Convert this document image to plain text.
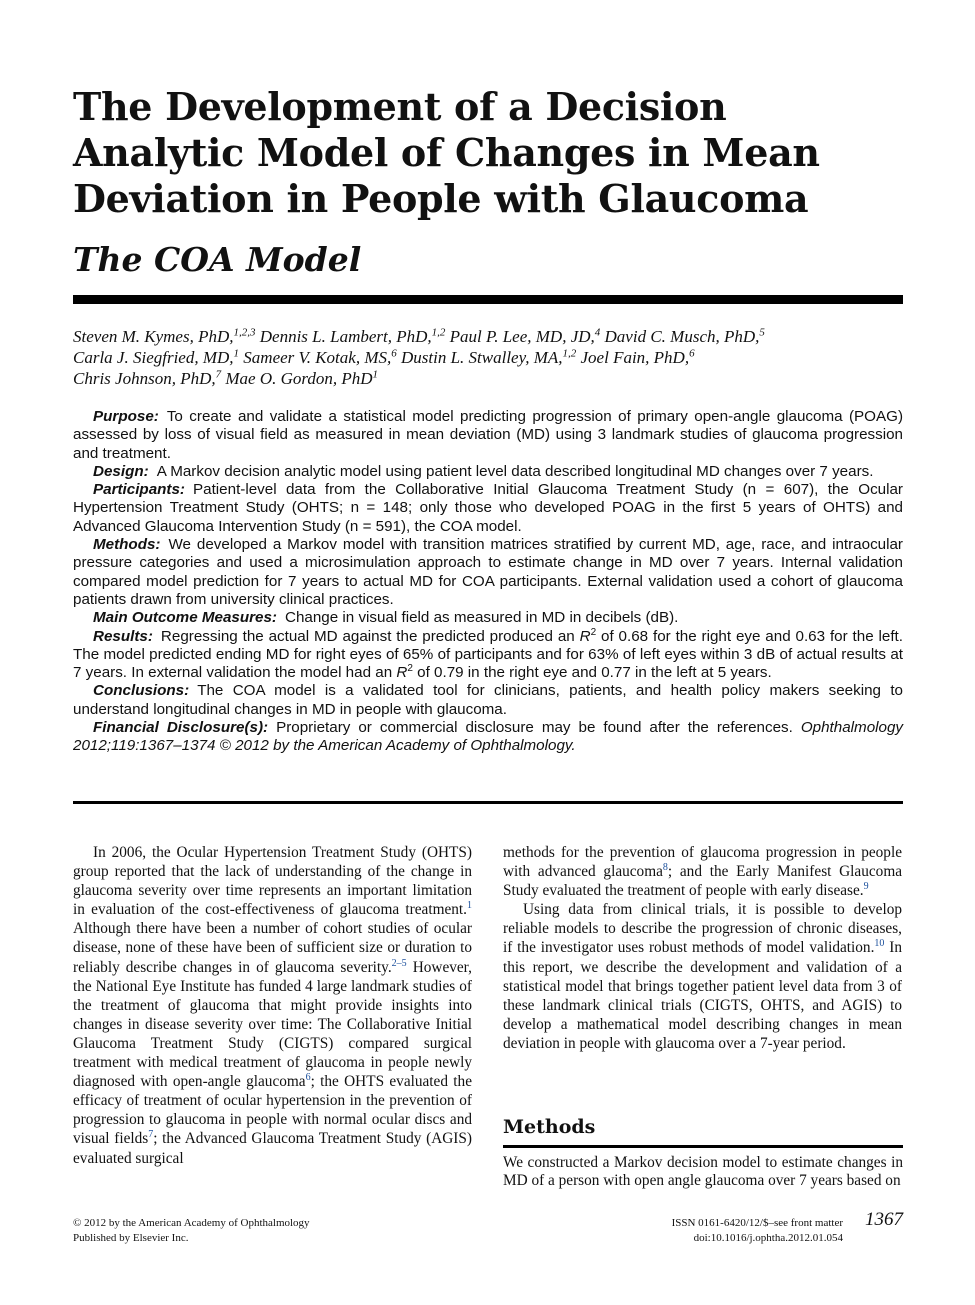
The Development of a Decision Analytic Model of Changes in Mean Deviation in People with Glaucoma
The COA Model
Steven M. Kymes, PhD,$^{1,2,3}$ Dennis L. Lambert, PhD,$^{1,2}$ Paul P. Lee, MD, JD,$^4$ David C. Musch, PhD,$^5$
Carla J. Siegfried, MD,$^1$ Sameer V. Kotak, MS,$^6$ Dustin L. Stwalley, MA,$^{1,2}$ Joel Fain, PhD,$^6$
Chris Johnson, PhD,$^7$ Mae O. Gordon, PhD$^1$

Purpose: To create and validate a statistical model predicting progression of primary open-angle glaucoma (POAG) assessed by loss of visual field as measured in mean deviation (MD) using 3 landmark studies of glaucoma progression and treatment.

Design: A Markov decision analytic model using patient level data described longitudinal MD changes over 7 years.

Participants: Patient-level data from the Collaborative Initial Glaucoma Treatment Study (n = 607), the Ocular Hypertension Treatment Study (OHTS; n = 148; only those who developed POAG in the first 5 years of OHTS) and Advanced Glaucoma Intervention Study (n = 591), the COA model.

Methods: We developed a Markov model with transition matrices stratified by current MD, age, race, and intraocular pressure categories and used a microsimulation approach to estimate change in MD over 7 years. Internal validation compared model prediction for 7 years to actual MD for COA participants. External validation used a cohort of glaucoma patients drawn from university clinical practices.

Main Outcome Measures: Change in visual field as measured in MD in decibels (dB).

Results: Regressing the actual MD against the predicted produced an $R^2$ of 0.68 for the right eye and 0.63 for the left. The model predicted ending MD for right eyes of 65% of participants and for 63% of left eyes within 3 dB of actual results at 7 years. In external validation the model had an $R^2$ of 0.79 in the right eye and 0.77 in the left at 5 years.

Conclusions: The COA model is a validated tool for clinicians, patients, and health policy makers seeking to understand longitudinal changes in MD in people with glaucoma.

Financial Disclosure(s): Proprietary or commercial disclosure may be found after the references. Ophthalmology 2012;119:1367–1374 © 2012 by the American Academy of Ophthalmology.

In 2006, the Ocular Hypertension Treatment Study (OHTS) group reported that the lack of understanding of the change in glaucoma severity over time represents an important limitation in evaluation of the cost-effectiveness of glaucoma treatment.$^1$ Although there have been a number of cohort studies of ocular disease, none of these have been of sufficient size or duration to reliably describe changes in of glaucoma severity.$^{2-5}$ However, the National Eye Institute has funded 4 large landmark studies of the treatment of glaucoma that might provide insights into changes in disease severity over time: The Collaborative Initial Glaucoma Treatment Study (CIGTS) compared surgical treatment with medical treatment of glaucoma in people newly diagnosed with open-angle glaucoma$^6$; the OHTS evaluated the efficacy of treatment of ocular hypertension in the prevention of progression to glaucoma in people with normal ocular discs and visual fields$^7$; the Advanced Glaucoma Treatment Study (AGIS) evaluated surgical

methods for the prevention of glaucoma progression in people with advanced glaucoma$^8$; and the Early Manifest Glaucoma Study evaluated the treatment of people with early disease.$^9$

Using data from clinical trials, it is possible to develop reliable models to describe the progression of chronic diseases, if the investigator uses robust methods of model validation.$^{10}$ In this report, we describe the development and validation of a statistical model that brings together patient level data from 3 of these landmark clinical trials (CIGTS, OHTS, and AGIS) to develop a mathematical model describing changes in mean deviation in people with glaucoma over a 7-year period.

Methods

We constructed a Markov decision model to estimate changes in MD of a person with open angle glaucoma over 7 years based on

© 2012 by the American Academy of Ophthalmology
Published by Elsevier Inc.
ISSN 0161-6420/12/$–see front matter
doi:10.1016/j.ophtha.2012.01.054
1367
